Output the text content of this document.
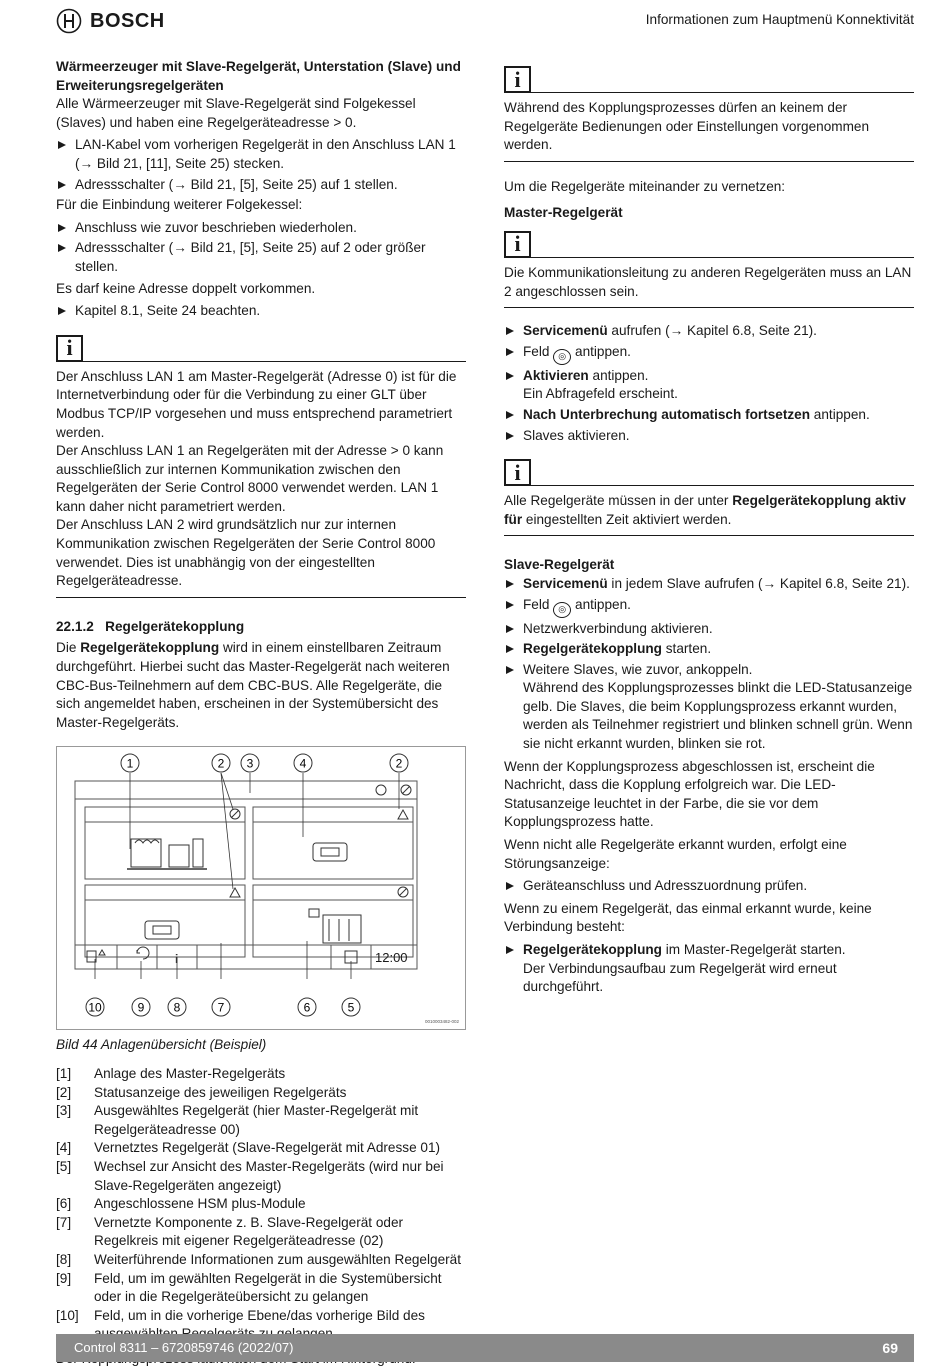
BOSCH	Informationen zum Hauptmenü Konnektivität
Wärmeerzeuger mit Slave-Regelgerät, Unterstation (Slave) und Erweiterungsregelgeräten
Alle Wärmeerzeuger mit Slave-Regelgerät sind Folgekessel (Slaves) und haben eine Regelgeräteadresse > 0.
LAN-Kabel vom vorherigen Regelgerät in den Anschluss LAN 1 (→ Bild 21, [11], Seite 25) stecken.
Adressschalter (→ Bild 21, [5], Seite 25) auf 1 stellen.
Für die Einbindung weiterer Folgekessel:
Anschluss wie zuvor beschrieben wiederholen.
Adressschalter (→ Bild 21, [5], Seite 25) auf 2 oder größer stellen.
Es darf keine Adresse doppelt vorkommen.
Kapitel 8.1, Seite 24 beachten.
i
Der Anschluss LAN 1 am Master-Regelgerät (Adresse 0) ist für die Internetverbindung oder für die Verbindung zu einer GLT über Modbus TCP/IP vorgesehen und muss entsprechend parametriert werden.
Der Anschluss LAN 1 an Regelgeräten mit der Adresse > 0 kann ausschließlich zur internen Kommunikation zwischen den Regelgeräten der Serie Control 8000 verwendet werden. LAN 1 kann daher nicht parametriert werden.
Der Anschluss LAN 2 wird grundsätzlich nur zur internen Kommunikation zwischen Regelgeräten der Serie Control 8000 verwendet. Dies ist unabhängig von der eingestellten Regelgeräteadresse.
22.1.2 Regelgerätekopplung
Die Regelgerätekopplung wird in einem einstellbaren Zeitraum durchgeführt. Hierbei sucht das Master-Regelgerät nach weiteren CBC-Bus-Teilnehmern auf dem CBC-BUS. Alle Regelgeräte, die sich angemeldet haben, erscheinen in der Systemübersicht des Master-Regelgeräts.
i	12:00
1	2 3	4	2
10	9 8	7	6	5
0010003482-002
Bild 44 Anlagenübersicht (Beispiel)
[1]	Anlage des Master-Regelgeräts
[2]	Statusanzeige des jeweiligen Regelgeräts
[3]	Ausgewähltes Regelgerät (hier Master-Regelgerät mit Regelgeräteadresse 00)
[4]	Vernetztes Regelgerät (Slave-Regelgerät mit Adresse 01)
[5]	Wechsel zur Ansicht des Master-Regelgeräts (wird nur bei Slave-Regelgeräten angezeigt)
[6]	Angeschlossene HSM plus-Module
[7]	Vernetzte Komponente z. B. Slave-Regelgerät oder Regelkreis mit eigener Regelgeräteadresse (02)
[8]	Weiterführende Informationen zum ausgewählten Regelgerät
[9]	Feld, um im gewählten Regelgerät in die Systemübersicht oder in die Regelgeräteübersicht zu gelangen
[10]	Feld, um in die vorherige Ebene/das vorherige Bild des
i
Während des Kopplungsprozesses dürfen an keinem der Regelgeräte Bedienungen oder Einstellungen vorgenommen werden.
Um die Regelgeräte miteinander zu vernetzen:
Master-Regelgerät
i
Die Kommunikationsleitung zu anderen Regelgeräten muss an LAN 2 angeschlossen sein.
Servicemenü aufrufen (→ Kapitel 6.8, Seite 21).
Feld ◎ antippen.
Aktivieren antippen.
Ein Abfragefeld erscheint.
Nach Unterbrechung automatisch fortsetzen antippen.
Slaves aktivieren.
i
Alle Regelgeräte müssen in der unter Regelgerätekopplung aktiv für eingestellten Zeit aktiviert werden.
Slave-Regelgerät
Servicemenü in jedem Slave aufrufen (→ Kapitel 6.8, Seite 21).
Feld ◎ antippen.
Netzwerkverbindung aktivieren.
Regelgerätekopplung starten.
Weitere Slaves, wie zuvor, ankoppeln.
Während des Kopplungsprozesses blinkt die LED-Statusanzeige gelb. Die Slaves, die beim Kopplungsprozess erkannt wurden, werden als Teilnehmer registriert und blinken schnell grün. Wenn sie nicht erkannt wurden, blinken sie rot.
Wenn der Kopplungsprozess abgeschlossen ist, erscheint die Nachricht, dass die Kopplung erfolgreich war. Die LED-Statusanzeige leuchtet in der Farbe, die sie vor dem Kopplungsprozess hatte.
Wenn nicht alle Regelgeräte erkannt wurden, erfolgt eine Störungsanzeige:
Geräteanschluss und Adresszuordnung prüfen.
Wenn zu einem Regelgerät, das einmal erkannt wurde, keine Verbindung besteht:
Regelgerätekopplung im Master-Regelgerät starten.
Der Verbindungsaufbau zum Regelgerät wird erneut durchgeführt.
Control 8311 – 6720859746 (2022/07)	69
